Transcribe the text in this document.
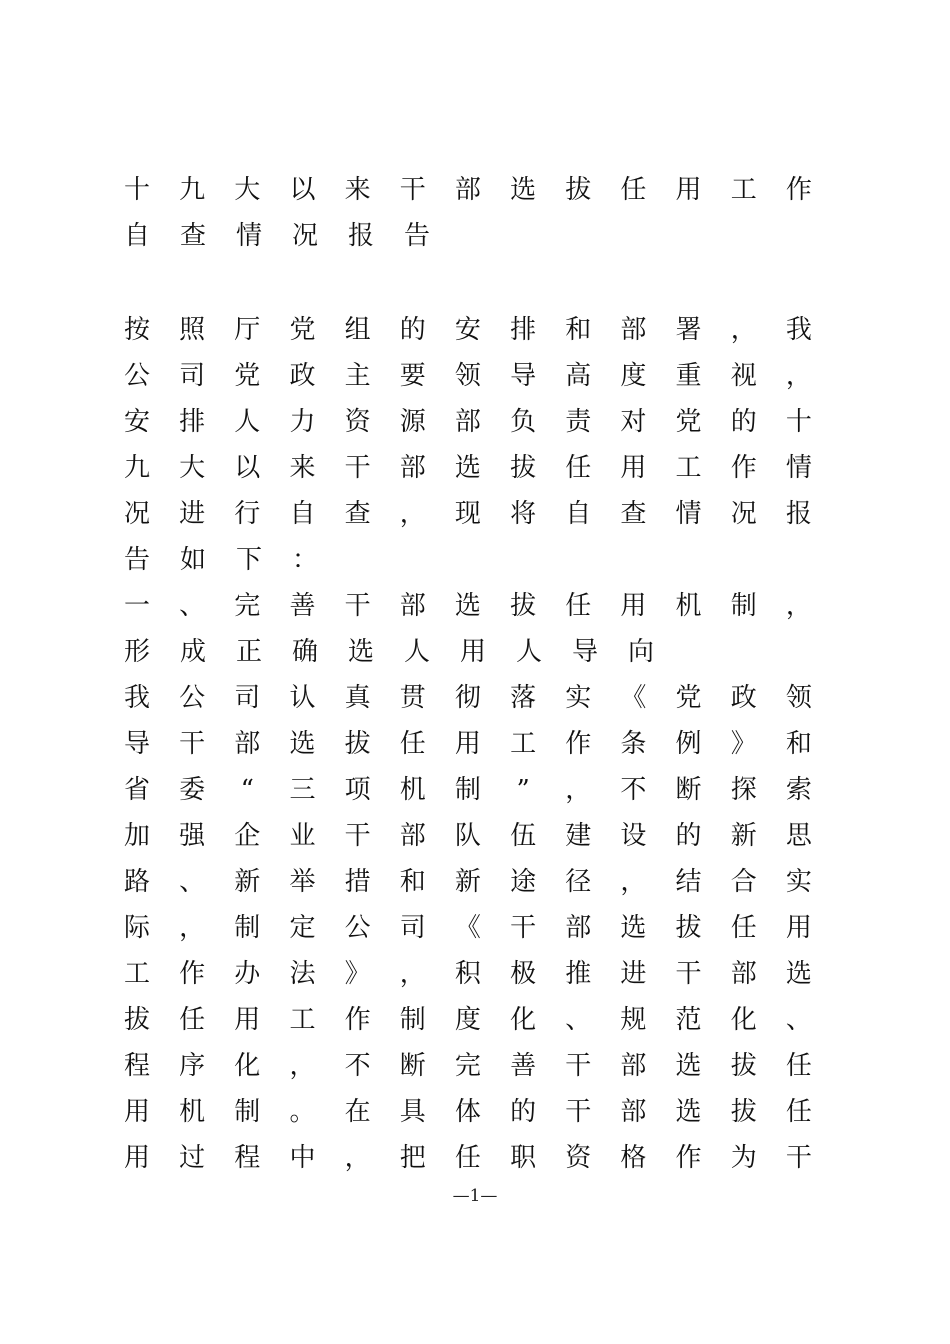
十 九 大 以 来 干 部 选 拔 任 用 工 作
自 查 情 况 报 告
按 照 厅 党 组 的 安 排 和 部 署 ， 我
公 司 党 政 主 要 领 导 高 度 重 视 ，
安 排 人 力 资 源 部 负 责 对 党 的 十
九 大 以 来 干 部 选 拔 任 用 工 作 情
况 进 行 自 查 ， 现 将 自 查 情 况 报
告 如 下 ：
一 、 完 善 干 部 选 拔 任 用 机 制 ，
形 成 正 确 选 人 用 人 导 向
我 公 司 认 真 贯 彻 落 实 《 党 政 领
导 干 部 选 拔 任 用 工 作 条 例 》 和
省 委 “ 三 项 机 制 ” ， 不 断 探 索
加 强 企 业 干 部 队 伍 建 设 的 新 思
路 、 新 举 措 和 新 途 径 ， 结 合 实
际 ， 制 定 公 司 《 干 部 选 拔 任 用
工 作 办 法 》 ， 积 极 推 进 干 部 选
拔 任 用 工 作 制 度 化 、 规 范 化 、
程 序 化 ， 不 断 完 善 干 部 选 拔 任
用 机 制 。 在 具 体 的 干 部 选 拔 任
用 过 程 中 ， 把 任 职 资 格 作 为 干
—1—
